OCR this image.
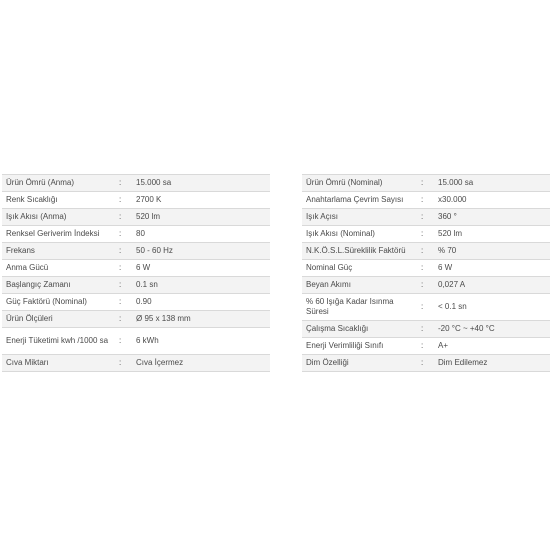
Ürün Ömrü (Anma)	:	15.000 sa
Renk Sıcaklığı	:	2700 K
Işık Akısı (Anma)	:	520 lm
Renksel Geriverim İndeksi	:	80
Frekans	:	50 - 60 Hz
Anma Gücü	:	6 W
Başlangıç Zamanı	:	0.1 sn
Güç Faktörü (Nominal)	:	0.90
Ürün Ölçüleri	:	Ø 95 x 138 mm
Enerji Tüketimi kwh /1000 sa	:	6 kWh
Cıva Miktarı	:	Cıva İçermez
Ürün Ömrü (Nominal)	:	15.000 sa
Anahtarlama Çevrim Sayısı	:	x30.000
Işık Açısı	:	360 °
Işık Akısı (Nominal)	:	520 lm
N.K.Ö.S.L.Süreklilik Faktörü	:	% 70
Nominal Güç	:	6 W
Beyan Akımı	:	0,027 A
% 60 Işığa Kadar Isınma Süresi	:	< 0.1 sn
Çalışma Sıcaklığı	:	-20 °C ~ +40 °C
Enerji Verimliliği Sınıfı	:	A+
Dim Özelliği	:	Dim Edilemez
